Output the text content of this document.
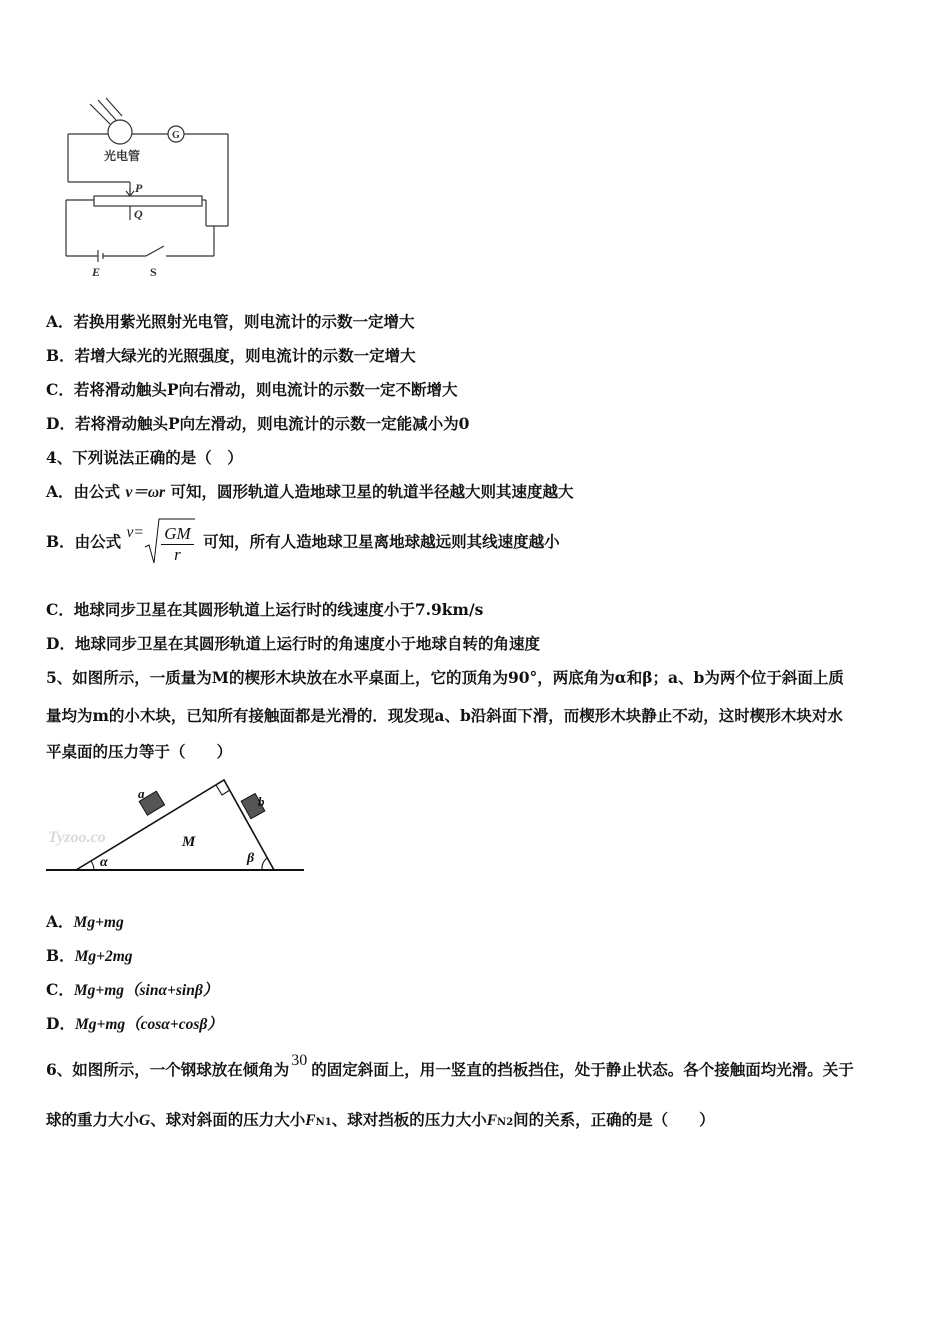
光电管
G
P
Q
E	S
A．若换用紫光照射光电管，则电流计的示数一定增大
B．若增大绿光的光照强度，则电流计的示数一定增大
C．若将滑动触头P向右滑动，则电流计的示数一定不断增大
D．若将滑动触头P向左滑动，则电流计的示数一定能减小为0
4、下列说法正确的是（　）
A．由公式 v＝ωr 可知，圆形轨道人造地球卫星的轨道半径越大则其速度越大
B．由公式 $v= \frac{GM}{r}$ 可知，所有人造地球卫星离地球越远则其线速度越小
C．地球同步卫星在其圆形轨道上运行时的线速度小于7.9km/s
D．地球同步卫星在其圆形轨道上运行时的角速度小于地球自转的角速度
5、如图所示，一质量为M的楔形木块放在水平桌面上，它的顶角为90°，两底角为α和β；a、b为两个位于斜面上质
量均为m的小木块，已知所有接触面都是光滑的．现发现a、b沿斜面下滑，而楔形木块静止不动，这时楔形木块对水
平桌面的压力等于（　　）
Tyzoo.co
a
b
M
α	β
A．Mg+mg
B．Mg+2mg
C．Mg+mg（sinα+sinβ）
D．Mg+mg（cosα+cosβ）
6、如图所示，一个钢球放在倾角为 30 的固定斜面上，用一竖直的挡板挡住，处于静止状态。各个接触面均光滑。关于
球的重力大小G、球对斜面的压力大小FN1、球对挡板的压力大小FN2间的关系，正确的是（　　）
